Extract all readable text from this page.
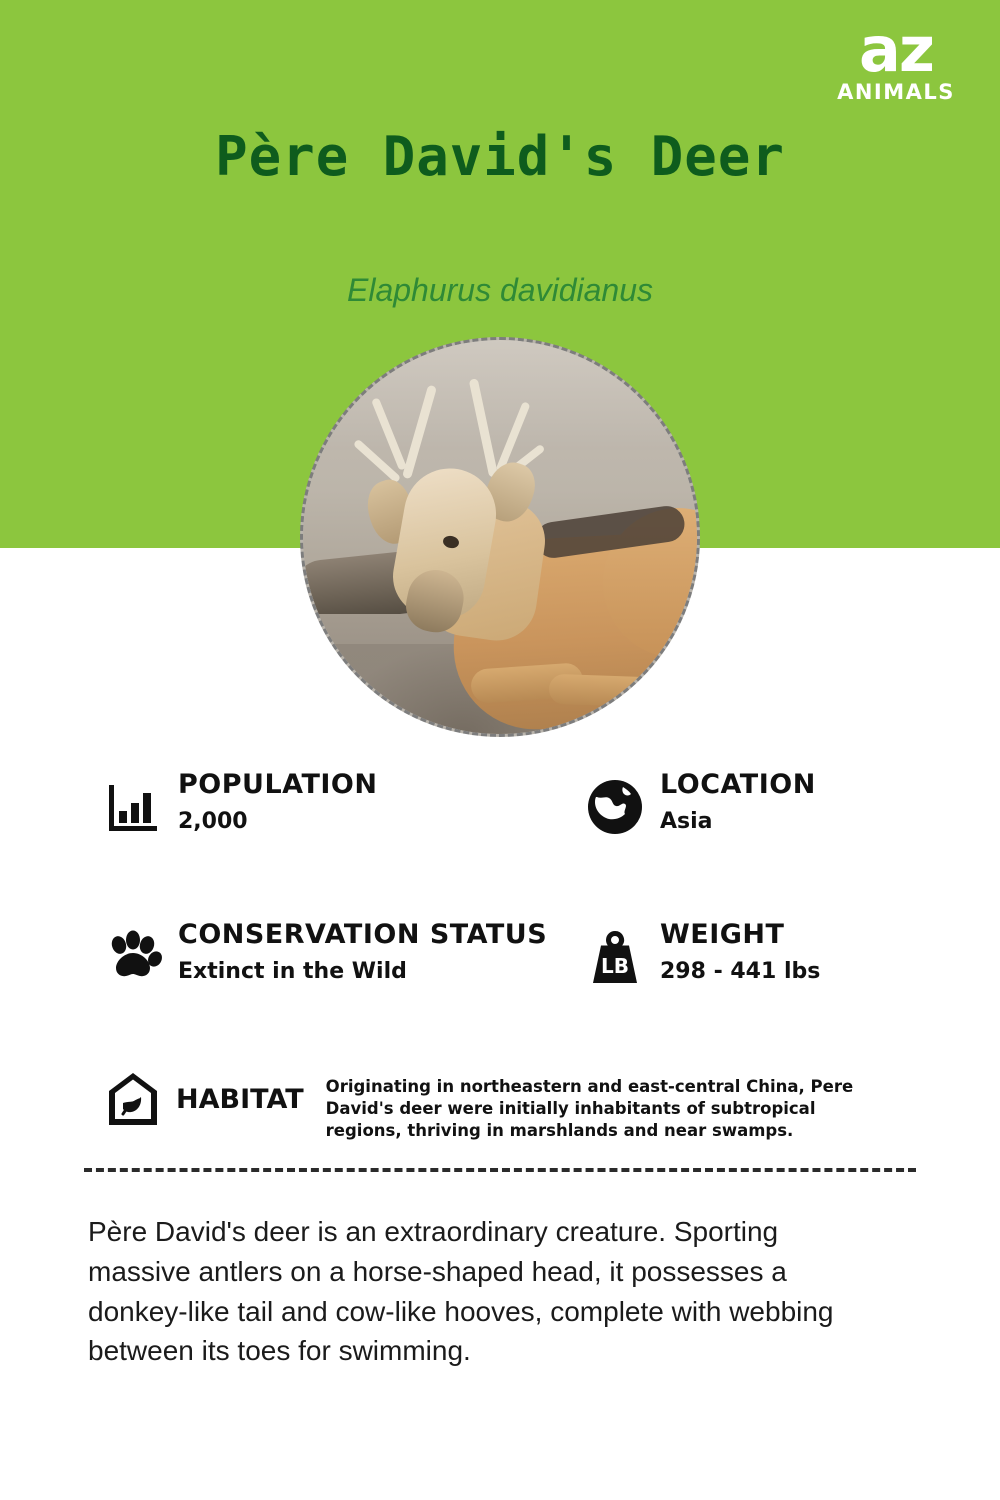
az
ANIMALS
Père David's Deer
Elaphurus davidianus
POPULATION
2,000
LOCATION
Asia
CONSERVATION STATUS
Extinct in the Wild	LB
WEIGHT
298 - 441 lbs
HABITAT Originating in northeastern and east-central China, Pere David's deer were initially inhabitants of subtropical regions, thriving in marshlands and near swamps.
Père David's deer is an extraordinary creature. Sporting massive antlers on a horse-shaped head, it possesses a donkey-like tail and cow-like hooves, complete with webbing between its toes for swimming.
